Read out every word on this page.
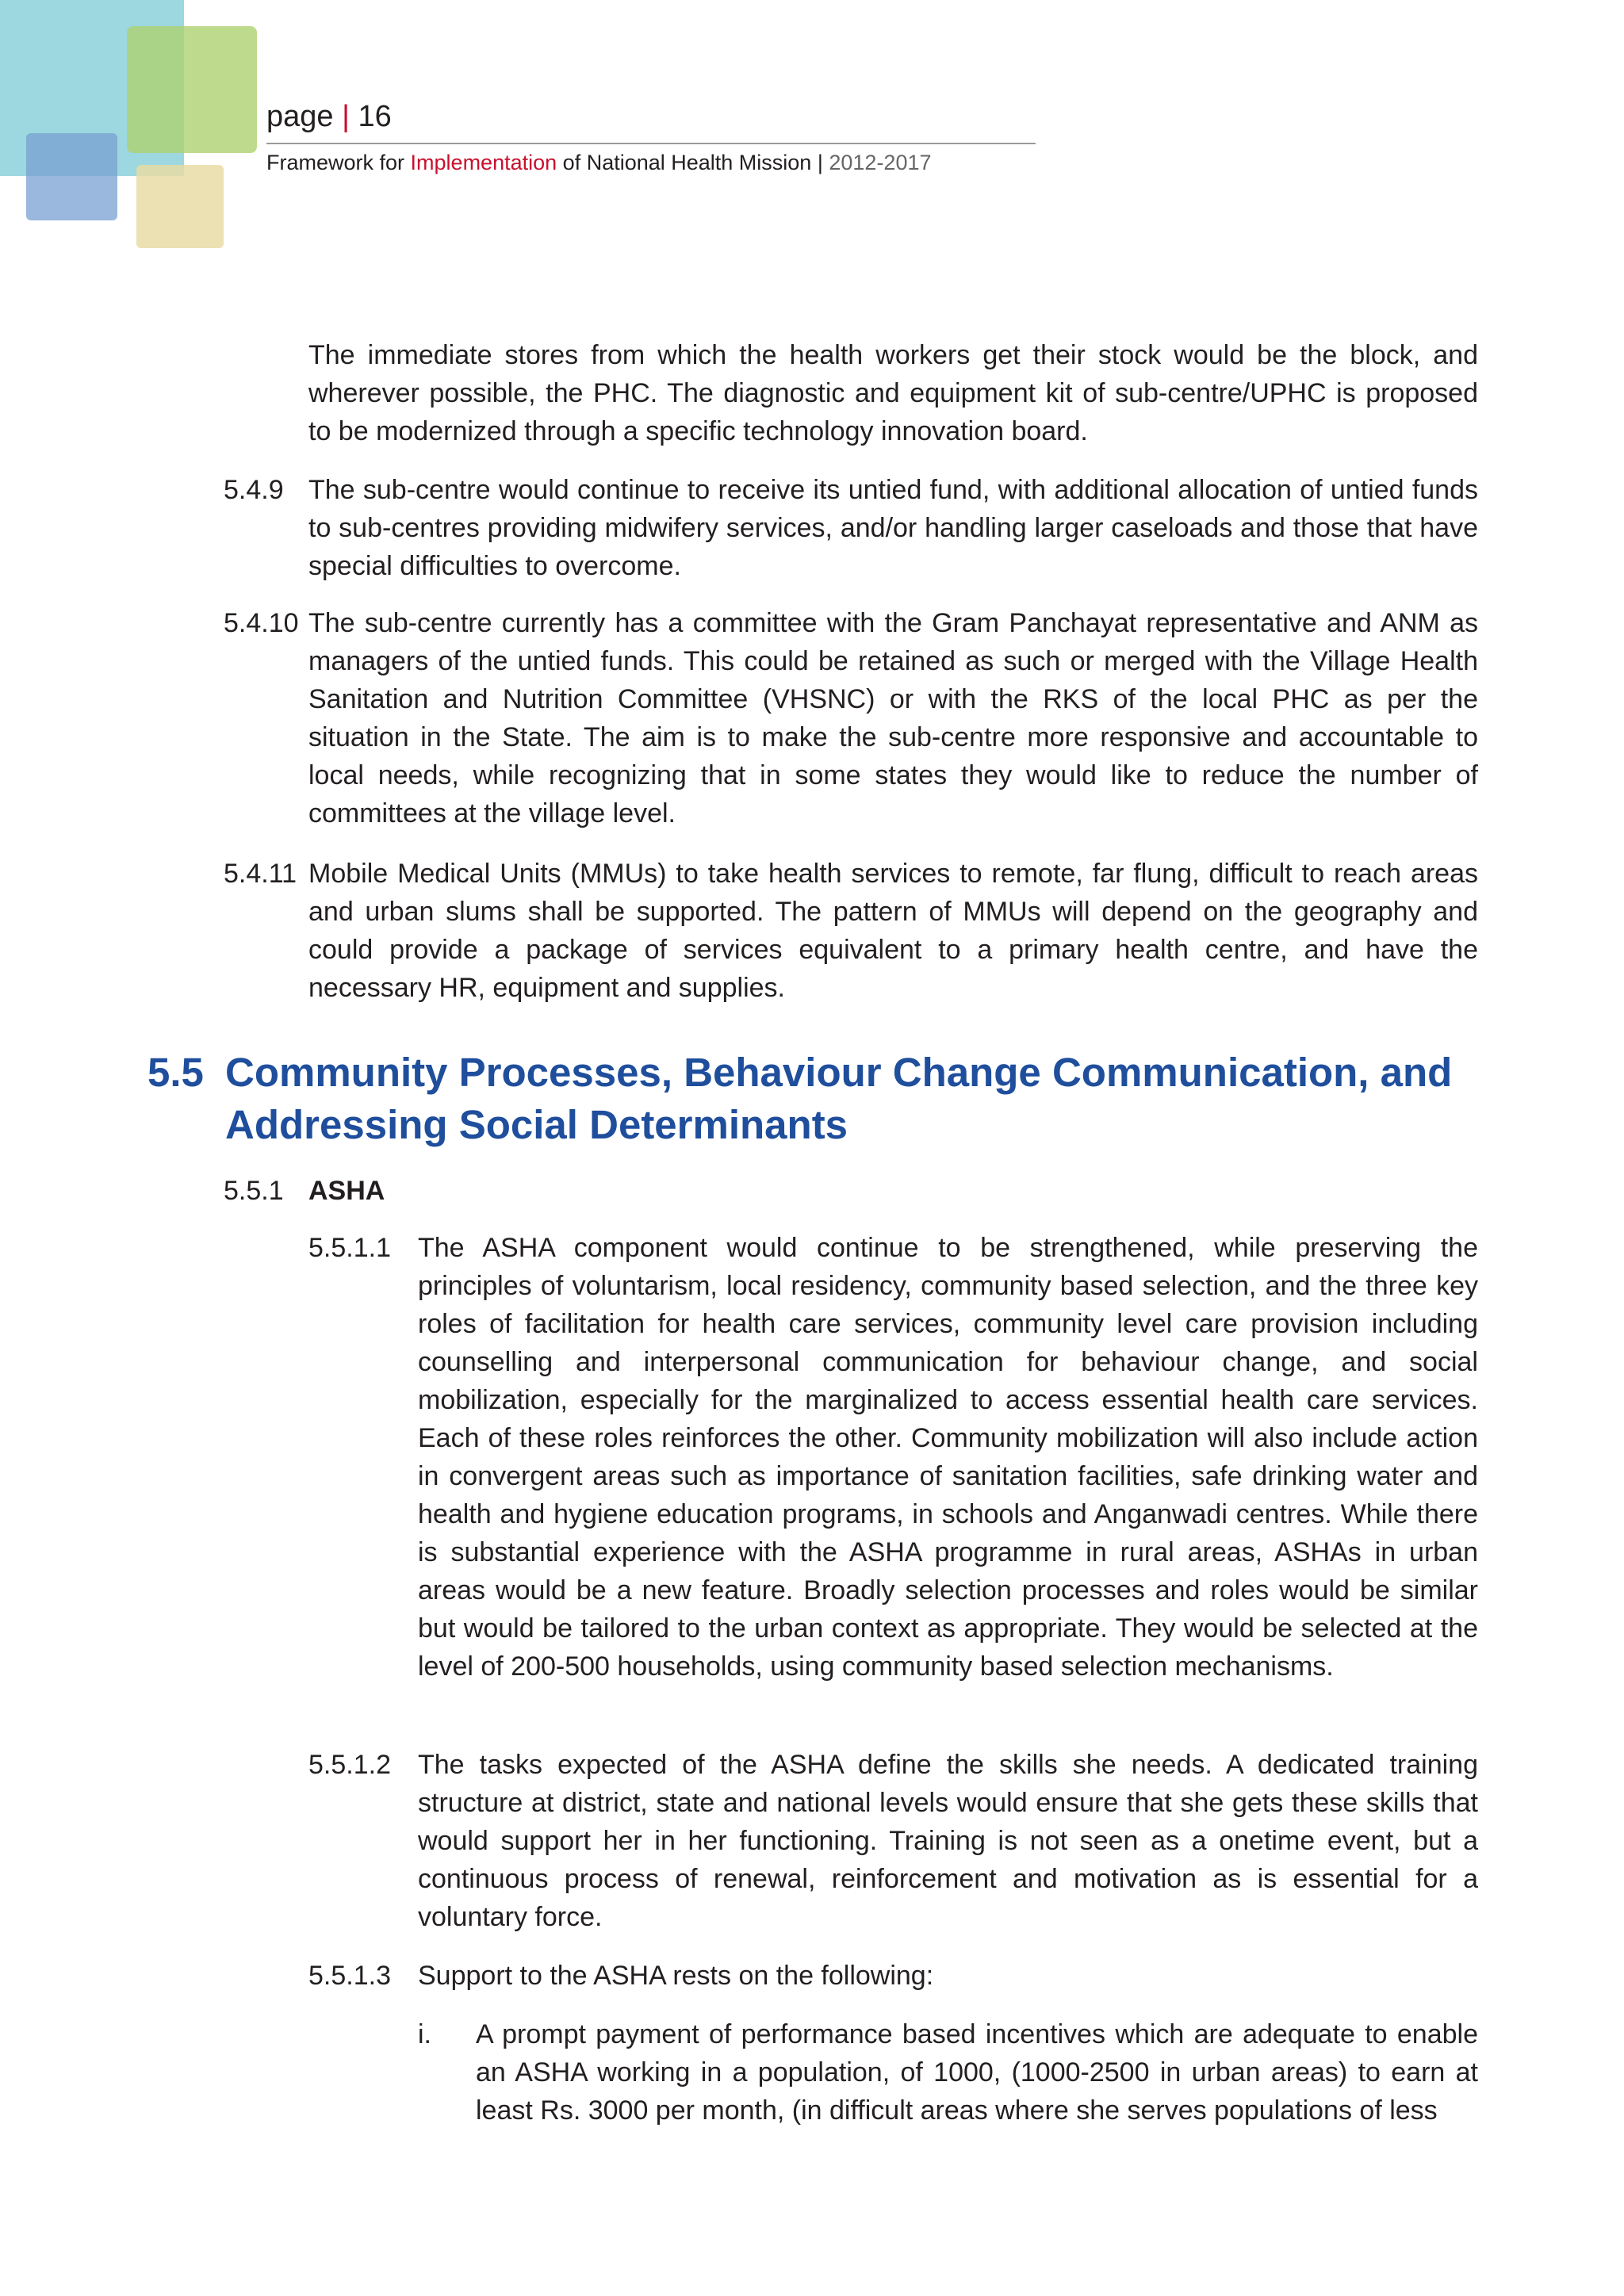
page | 16
Framework for Implementation of National Health Mission | 2012-2017
The immediate stores from which the health workers get their stock would be the block, and wherever possible, the PHC. The diagnostic and equipment kit of sub-centre/UPHC is proposed to be modernized through a specific technology innovation board.
5.4.9 The sub-centre would continue to receive its untied fund, with additional allocation of untied funds to sub-centres providing midwifery services, and/or handling larger caseloads and those that have special difficulties to overcome.
5.4.10 The sub-centre currently has a committee with the Gram Panchayat representative and ANM as managers of the untied funds. This could be retained as such or merged with the Village Health Sanitation and Nutrition Committee (VHSNC) or with the RKS of the local PHC as per the situation in the State. The aim is to make the sub-centre more responsive and accountable to local needs, while recognizing that in some states they would like to reduce the number of committees at the village level.
5.4.11 Mobile Medical Units (MMUs) to take health services to remote, far flung, difficult to reach areas and urban slums shall be supported. The pattern of MMUs will depend on the geography and could provide a package of services equivalent to a primary health centre, and have the necessary HR, equipment and supplies.
5.5 Community Processes, Behaviour Change Communication, and Addressing Social Determinants
5.5.1 ASHA
5.5.1.1 The ASHA component would continue to be strengthened, while preserving the principles of voluntarism, local residency, community based selection, and the three key roles of facilitation for health care services, community level care provision including counselling and interpersonal communication for behaviour change, and social mobilization, especially for the marginalized to access essential health care services. Each of these roles reinforces the other. Community mobilization will also include action in convergent areas such as importance of sanitation facilities, safe drinking water and health and hygiene education programs, in schools and Anganwadi centres. While there is substantial experience with the ASHA programme in rural areas, ASHAs in urban areas would be a new feature. Broadly selection processes and roles would be similar but would be tailored to the urban context as appropriate. They would be selected at the level of 200-500 households, using community based selection mechanisms.
5.5.1.2 The tasks expected of the ASHA define the skills she needs. A dedicated training structure at district, state and national levels would ensure that she gets these skills that would support her in her functioning. Training is not seen as a onetime event, but a continuous process of renewal, reinforcement and motivation as is essential for a voluntary force.
5.5.1.3 Support to the ASHA rests on the following:
i. A prompt payment of performance based incentives which are adequate to enable an ASHA working in a population, of 1000, (1000-2500 in urban areas) to earn at least Rs. 3000 per month, (in difficult areas where she serves populations of less
